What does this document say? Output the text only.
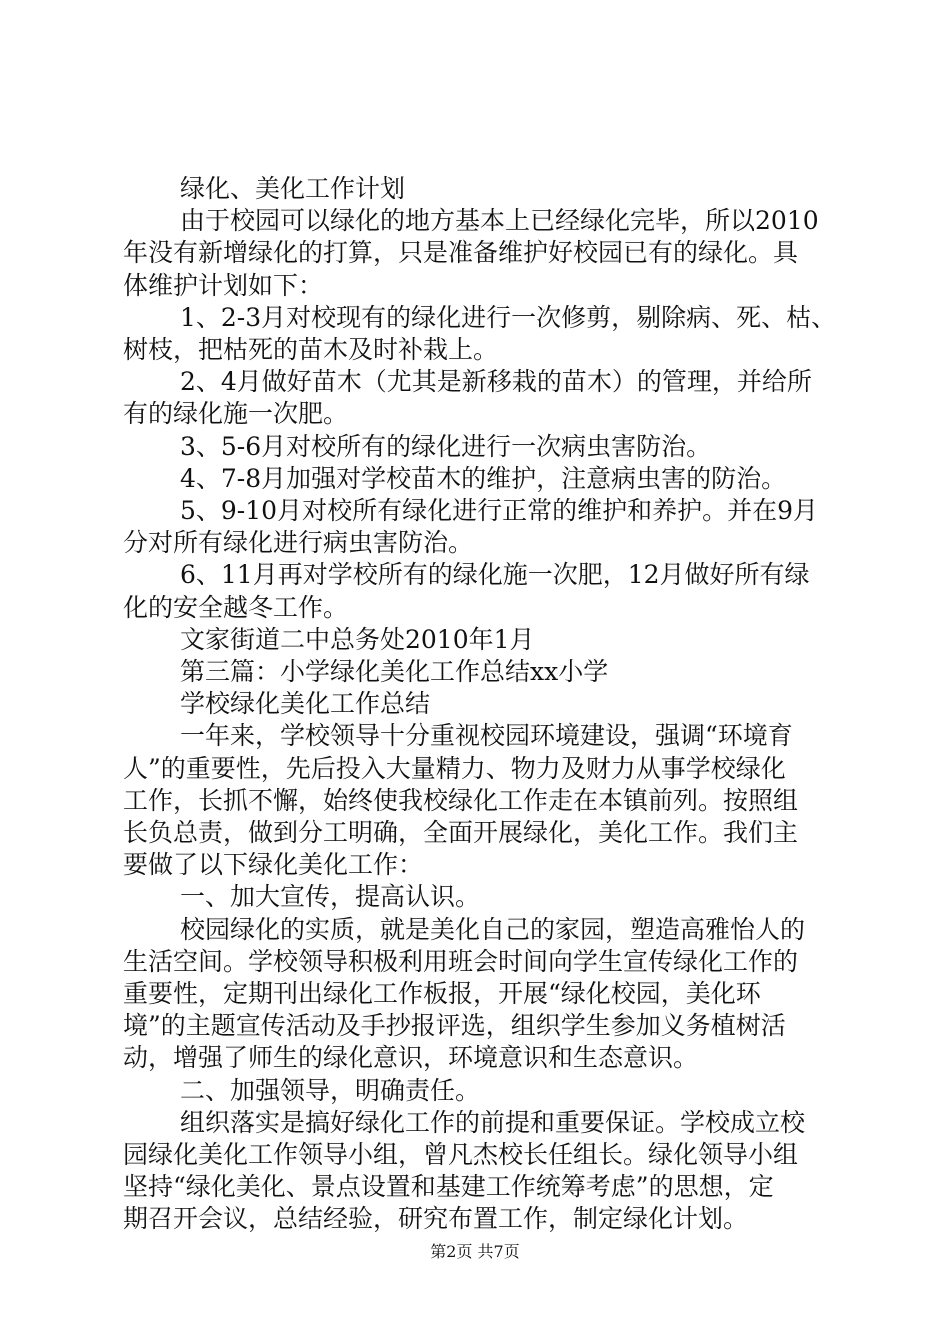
绿化、美化工作计划
由于校园可以绿化的地方基本上已经绿化完毕，所以2010
年没有新增绿化的打算，只是准备维护好校园已有的绿化。具
体维护计划如下：
1、2-3月对校现有的绿化进行一次修剪，剔除病、死、枯、
树枝，把枯死的苗木及时补栽上。
2、4月做好苗木（尤其是新移栽的苗木）的管理，并给所
有的绿化施一次肥。
3、5-6月对校所有的绿化进行一次病虫害防治。
4、7-8月加强对学校苗木的维护，注意病虫害的防治。
5、9-10月对校所有绿化进行正常的维护和养护。并在9月
分对所有绿化进行病虫害防治。
6、11月再对学校所有的绿化施一次肥，12月做好所有绿
化的安全越冬工作。
文家街道二中总务处2010年1月
第三篇：小学绿化美化工作总结xx小学
学校绿化美化工作总结
一年来，学校领导十分重视校园环境建设，强调“环境育
人”的重要性，先后投入大量精力、物力及财力从事学校绿化
工作，长抓不懈，始终使我校绿化工作走在本镇前列。按照组
长负总责，做到分工明确，全面开展绿化，美化工作。我们主
要做了以下绿化美化工作：
一、加大宣传，提高认识。
校园绿化的实质，就是美化自己的家园，塑造高雅怡人的
生活空间。学校领导积极利用班会时间向学生宣传绿化工作的
重要性，定期刊出绿化工作板报，开展“绿化校园，美化环
境”的主题宣传活动及手抄报评选，组织学生参加义务植树活
动，增强了师生的绿化意识，环境意识和生态意识。
二、加强领导，明确责任。
组织落实是搞好绿化工作的前提和重要保证。学校成立校
园绿化美化工作领导小组，曾凡杰校长任组长。绿化领导小组
坚持“绿化美化、景点设置和基建工作统筹考虑”的思想，定
期召开会议，总结经验，研究布置工作，制定绿化计划。
第2页 共7页
